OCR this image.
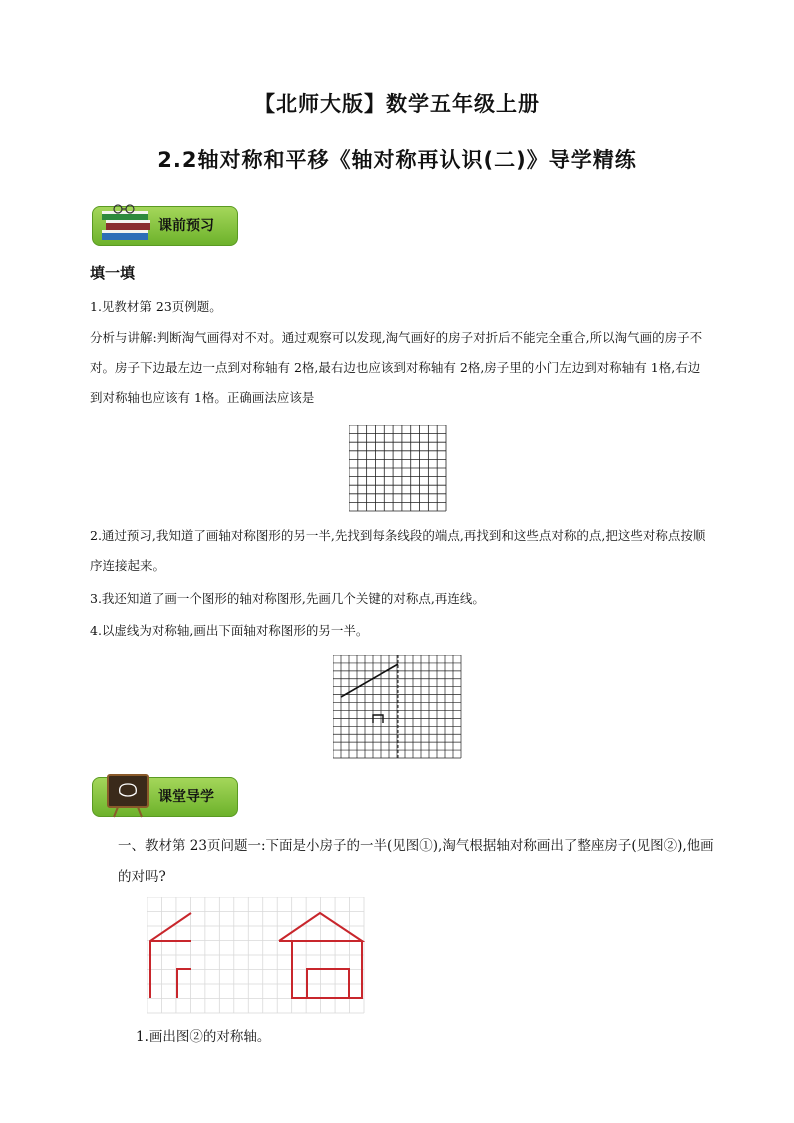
【北师大版】数学五年级上册
2.2轴对称和平移《轴对称再认识(二)》导学精练
课前预习
填一填
1.见教材第 23页例题。
分析与讲解:判断淘气画得对不对。通过观察可以发现,淘气画好的房子对折后不能完全重合,所以淘气画的房子不对。房子下边最左边一点到对称轴有 2格,最右边也应该到对称轴有 2格,房子里的小门左边到对称轴有 1格,右边到对称轴也应该有 1格。正确画法应该是
2.通过预习,我知道了画轴对称图形的另一半,先找到每条线段的端点,再找到和这些点对称的点,把这些对称点按顺序连接起来。
3.我还知道了画一个图形的轴对称图形,先画几个关键的对称点,再连线。
4.以虚线为对称轴,画出下面轴对称图形的另一半。
课堂导学
一、教材第 23页问题一:下面是小房子的一半(见图①),淘气根据轴对称画出了整座房子(见图②),他画的对吗?
1.画出图②的对称轴。
